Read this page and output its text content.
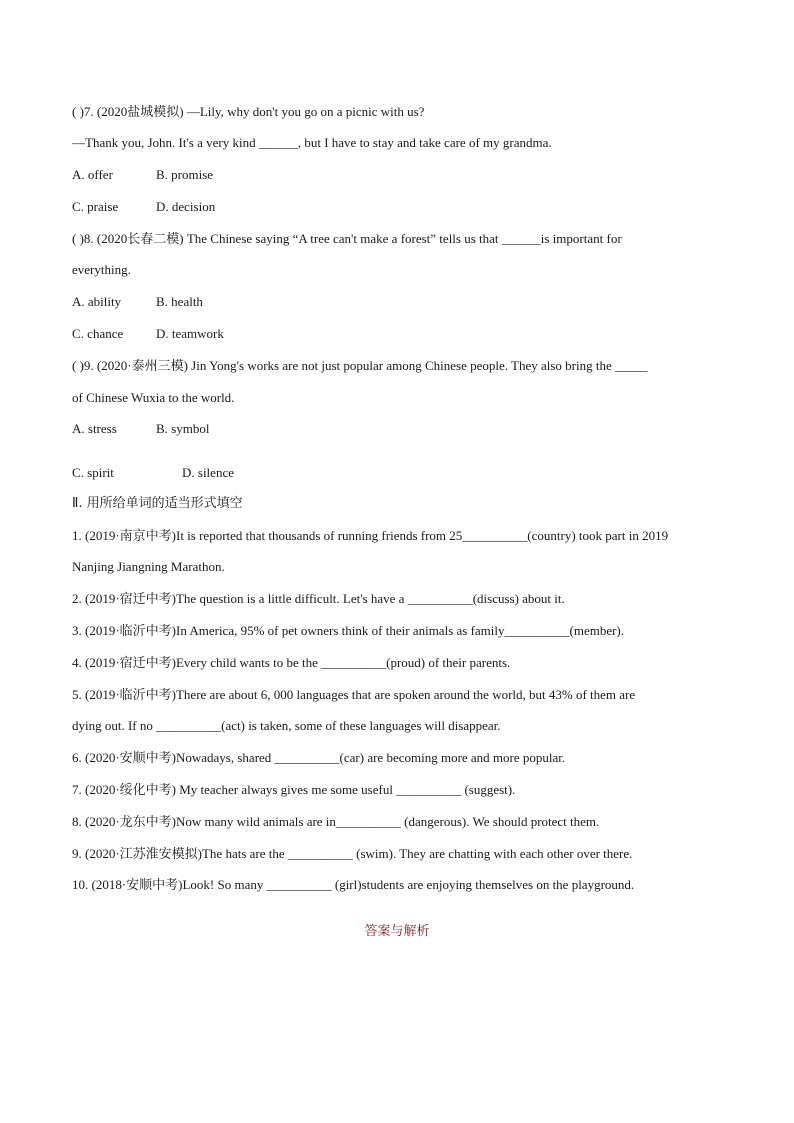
( )7. (2020盐城模拟) —Lily, why don't you go on a picnic with us?
—Thank you, John. It's a very kind ______, but I have to stay and take care of my grandma.
A. offer	B. promise
C. praise	D. decision
( )8. (2020长春二模) The Chinese saying “A tree can't make a forest” tells us that ______is important for
everything.
A. ability	B. health
C. chance	D. teamwork
( )9. (2020·泰州三模) Jin Yong's works are not just popular among Chinese people. They also bring the _____
of Chinese Wuxia to the world.
A. stress	B. symbol
C. spirit	D. silence
Ⅱ. 用所给单词的适当形式填空
1. (2019·南京中考)It is reported that thousands of running friends from 25__________(country) took part in 2019
Nanjing Jiangning Marathon.
2. (2019·宿迁中考)The question is a little difficult. Let's have a __________(discuss) about it.
3. (2019·临沂中考)In America, 95% of pet owners think of their animals as family__________(member).
4. (2019·宿迁中考)Every child wants to be the __________(proud) of their parents.
5. (2019·临沂中考)There are about 6, 000 languages that are spoken around the world, but 43% of them are
dying out. If no __________(act) is taken, some of these languages will disappear.
6. (2020·安顺中考)Nowadays, shared __________(car) are becoming more and more popular.
7. (2020·绥化中考) My teacher always gives me some useful __________ (suggest).
8. (2020·龙东中考)Now many wild animals are in__________ (dangerous). We should protect them.
9. (2020·江苏淮安模拟)The hats are the __________ (swim). They are chatting with each other over there.
10. (2018·安顺中考)Look! So many __________ (girl)students are enjoying themselves on the playground.
答案与解析
